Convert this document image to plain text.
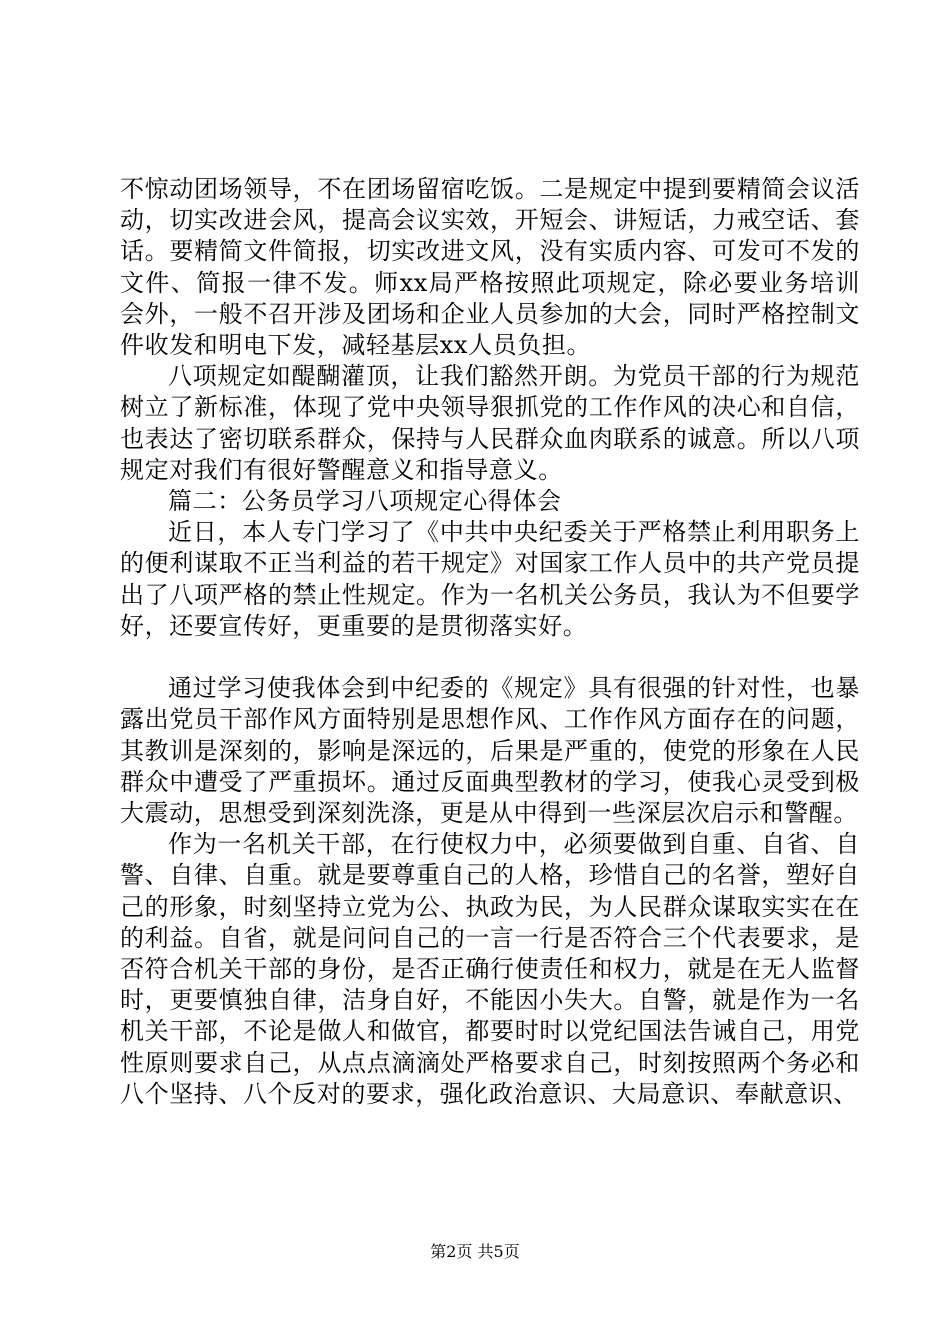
不惊动团场领导，不在团场留宿吃饭。二是规定中提到要精简会议活动，切实改进会风，提高会议实效，开短会、讲短话，力戒空话、套话。要精简文件简报，切实改进文风，没有实质内容、可发可不发的文件、简报一律不发。师xx局严格按照此项规定，除必要业务培训会外，一般不召开涉及团场和企业人员参加的大会，同时严格控制文件收发和明电下发，减轻基层xx人员负担。

八项规定如醍醐灌顶，让我们豁然开朗。为党员干部的行为规范树立了新标准，体现了党中央领导狠抓党的工作作风的决心和自信，也表达了密切联系群众，保持与人民群众血肉联系的诚意。所以八项规定对我们有很好警醒意义和指导意义。

篇二：公务员学习八项规定心得体会

近日，本人专门学习了《中共中央纪委关于严格禁止利用职务上的便利谋取不正当利益的若干规定》对国家工作人员中的共产党员提出了八项严格的禁止性规定。作为一名机关公务员，我认为不但要学好，还要宣传好，更重要的是贯彻落实好。

通过学习使我体会到中纪委的《规定》具有很强的针对性，也暴露出党员干部作风方面特别是思想作风、工作作风方面存在的问题，其教训是深刻的，影响是深远的，后果是严重的，使党的形象在人民群众中遭受了严重损坏。通过反面典型教材的学习，使我心灵受到极大震动，思想受到深刻洗涤，更是从中得到一些深层次启示和警醒。

作为一名机关干部，在行使权力中，必须要做到自重、自省、自警、自律、自重。就是要尊重自己的人格，珍惜自己的名誉，塑好自己的形象，时刻坚持立党为公、执政为民，为人民群众谋取实实在在的利益。自省，就是问问自己的一言一行是否符合三个代表要求，是否符合机关干部的身份，是否正确行使责任和权力，就是在无人监督时，更要慎独自律，洁身自好，不能因小失大。自警，就是作为一名机关干部，不论是做人和做官，都要时时以党纪国法告诫自己，用党性原则要求自己，从点点滴滴处严格要求自己，时刻按照两个务必和八个坚持、八个反对的要求，强化政治意识、大局意识、奉献意识、

第2页 共5页
